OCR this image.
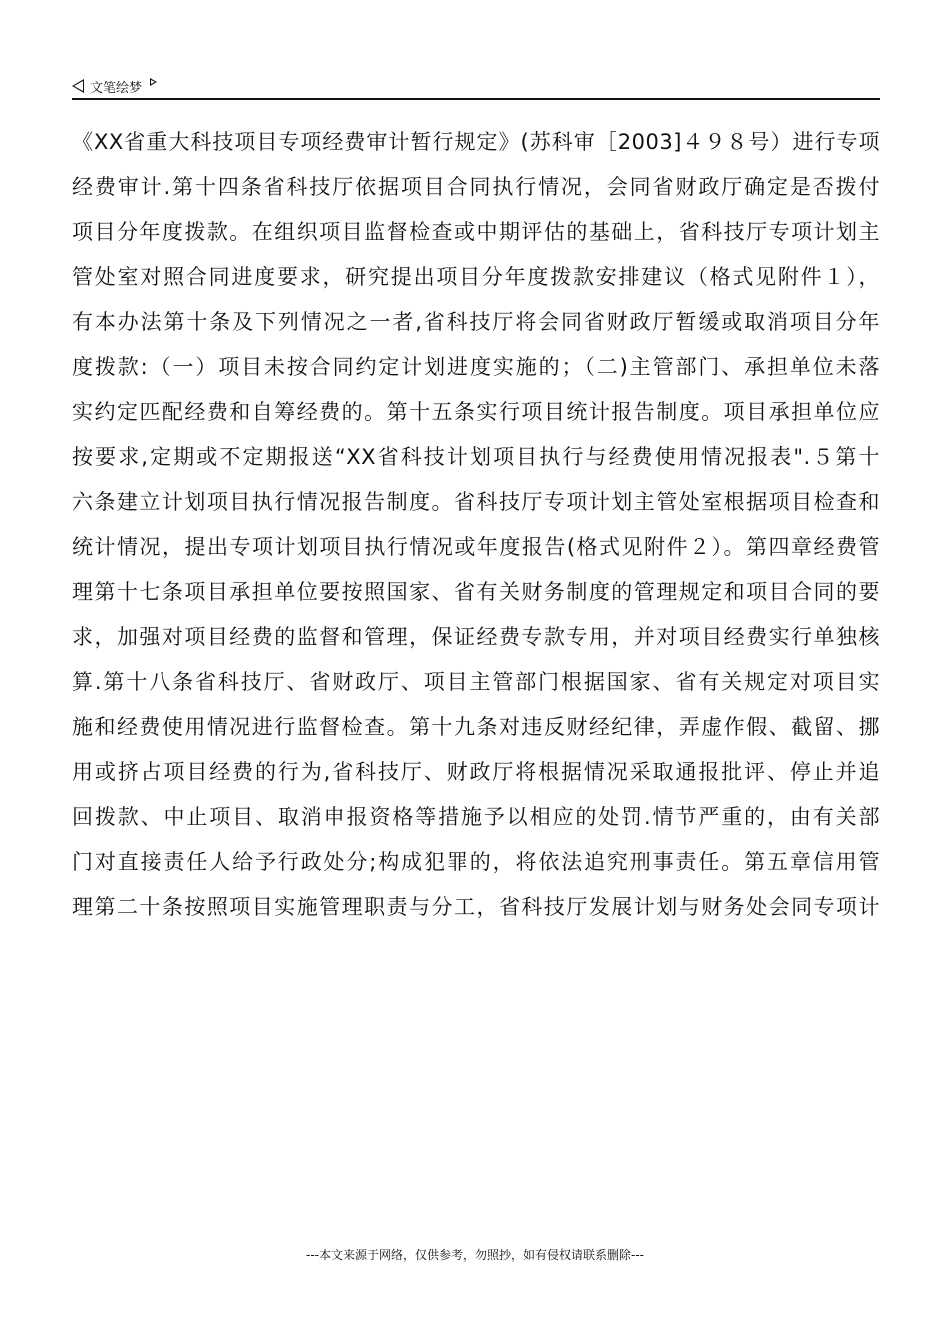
文笔绘梦
《XX省重大科技项目专项经费审计暂行规定》(苏科审［2003]４９８号）进行专项
经费审计.第十四条省科技厅依据项目合同执行情况，会同省财政厅确定是否拨付
项目分年度拨款。在组织项目监督检查或中期评估的基础上，省科技厅专项计划主
管处室对照合同进度要求，研究提出项目分年度拨款安排建议（格式见附件１），
有本办法第十条及下列情况之一者,省科技厅将会同省财政厅暂缓或取消项目分年
度拨款:（一）项目未按合同约定计划进度实施的；（二)主管部门、承担单位未落
实约定匹配经费和自筹经费的。第十五条实行项目统计报告制度。项目承担单位应
按要求,定期或不定期报送“XX省科技计划项目执行与经费使用情况报表".５第十
六条建立计划项目执行情况报告制度。省科技厅专项计划主管处室根据项目检查和
统计情况，提出专项计划项目执行情况或年度报告(格式见附件２）。第四章经费管
理第十七条项目承担单位要按照国家、省有关财务制度的管理规定和项目合同的要
求，加强对项目经费的监督和管理，保证经费专款专用，并对项目经费实行单独核
算.第十八条省科技厅、省财政厅、项目主管部门根据国家、省有关规定对项目实
施和经费使用情况进行监督检查。第十九条对违反财经纪律，弄虚作假、截留、挪
用或挤占项目经费的行为,省科技厅、财政厅将根据情况采取通报批评、停止并追
回拨款、中止项目、取消申报资格等措施予以相应的处罚.情节严重的，由有关部
门对直接责任人给予行政处分;构成犯罪的，将依法追究刑事责任。第五章信用管
理第二十条按照项目实施管理职责与分工，省科技厅发展计划与财务处会同专项计
---本文来源于网络，仅供参考，勿照抄，如有侵权请联系删除---
